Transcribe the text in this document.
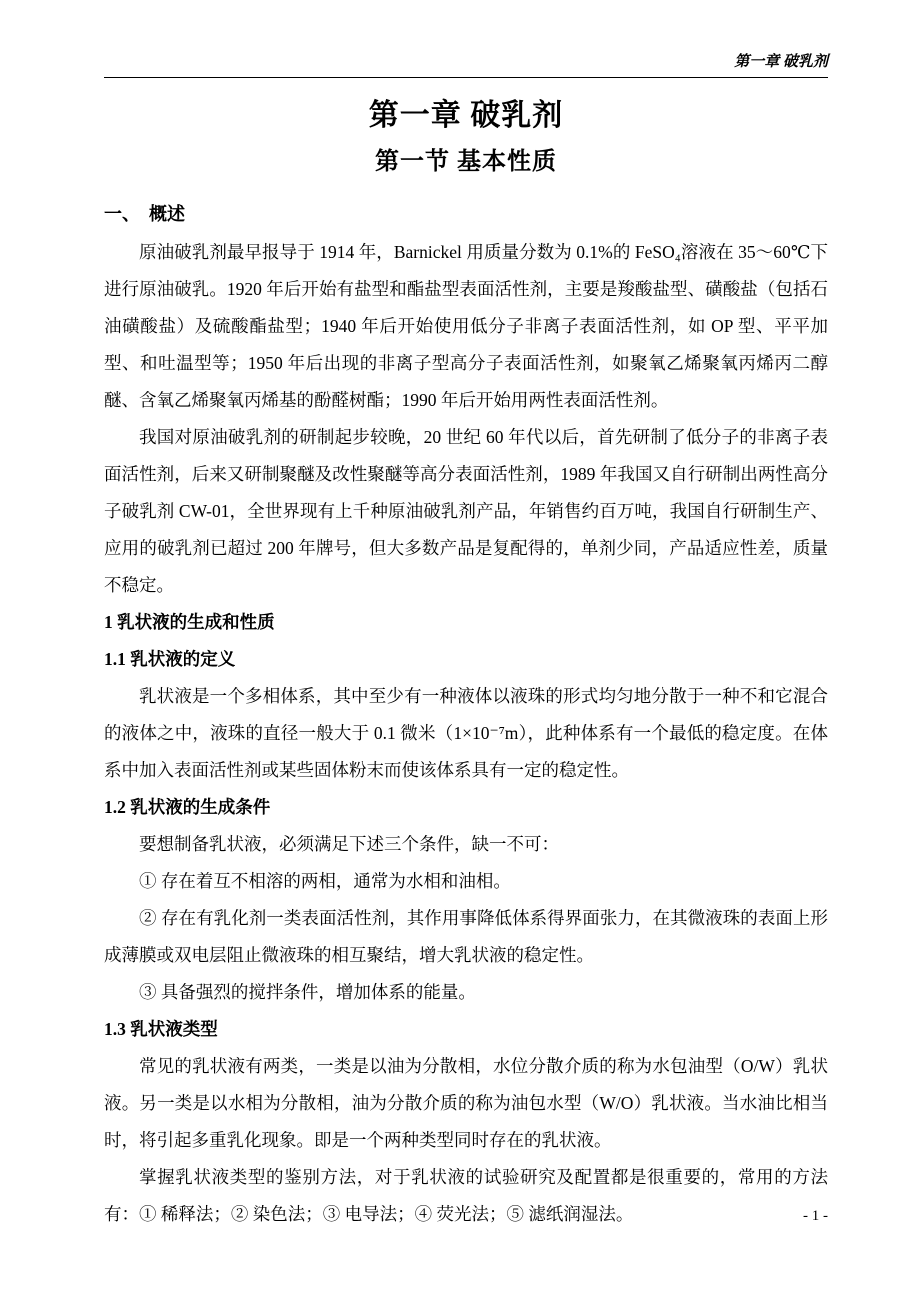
第一章 破乳剂
第一章 破乳剂
第一节 基本性质
一、　概述

原油破乳剂最早报导于 1914 年，Barnickel 用质量分数为 0.1%的 FeSO₄溶液在 35～60℃下进行原油破乳。1920 年后开始有盐型和酯盐型表面活性剂，主要是羧酸盐型、磺酸盐（包括石油磺酸盐）及硫酸酯盐型；1940 年后开始使用低分子非离子表面活性剂，如 OP 型、平平加型、和吐温型等；1950 年后出现的非离子型高分子表面活性剂，如聚氧乙烯聚氧丙烯丙二醇醚、含氧乙烯聚氧丙烯基的酚醛树酯；1990 年后开始用两性表面活性剂。

我国对原油破乳剂的研制起步较晚，20 世纪 60 年代以后，首先研制了低分子的非离子表面活性剂，后来又研制聚醚及改性聚醚等高分表面活性剂，1989 年我国又自行研制出两性高分子破乳剂 CW-01，全世界现有上千种原油破乳剂产品，年销售约百万吨，我国自行研制生产、应用的破乳剂已超过 200 年牌号，但大多数产品是复配得的，单剂少同，产品适应性差，质量不稳定。

1 乳状液的生成和性质
1.1 乳状液的定义

乳状液是一个多相体系，其中至少有一种液体以液珠的形式均匀地分散于一种不和它混合的液体之中，液珠的直径一般大于 0.1 微米（1×10⁻⁷m），此种体系有一个最低的稳定度。在体系中加入表面活性剂或某些固体粉末而使该体系具有一定的稳定性。

1.2 乳状液的生成条件

要想制备乳状液，必须满足下述三个条件，缺一不可：

① 存在着互不相溶的两相，通常为水相和油相。

② 存在有乳化剂一类表面活性剂，其作用事降低体系得界面张力，在其微液珠的表面上形成薄膜或双电层阻止微液珠的相互聚结，增大乳状液的稳定性。

③ 具备强烈的搅拌条件，增加体系的能量。

1.3 乳状液类型

常见的乳状液有两类，一类是以油为分散相，水位分散介质的称为水包油型（O/W）乳状液。另一类是以水相为分散相，油为分散介质的称为油包水型（W/O）乳状液。当水油比相当时，将引起多重乳化现象。即是一个两种类型同时存在的乳状液。

掌握乳状液类型的鉴别方法，对于乳状液的试验研究及配置都是很重要的，常用的方法有：① 稀释法；② 染色法；③ 电导法；④ 荧光法；⑤ 滤纸润湿法。	- 1 -
